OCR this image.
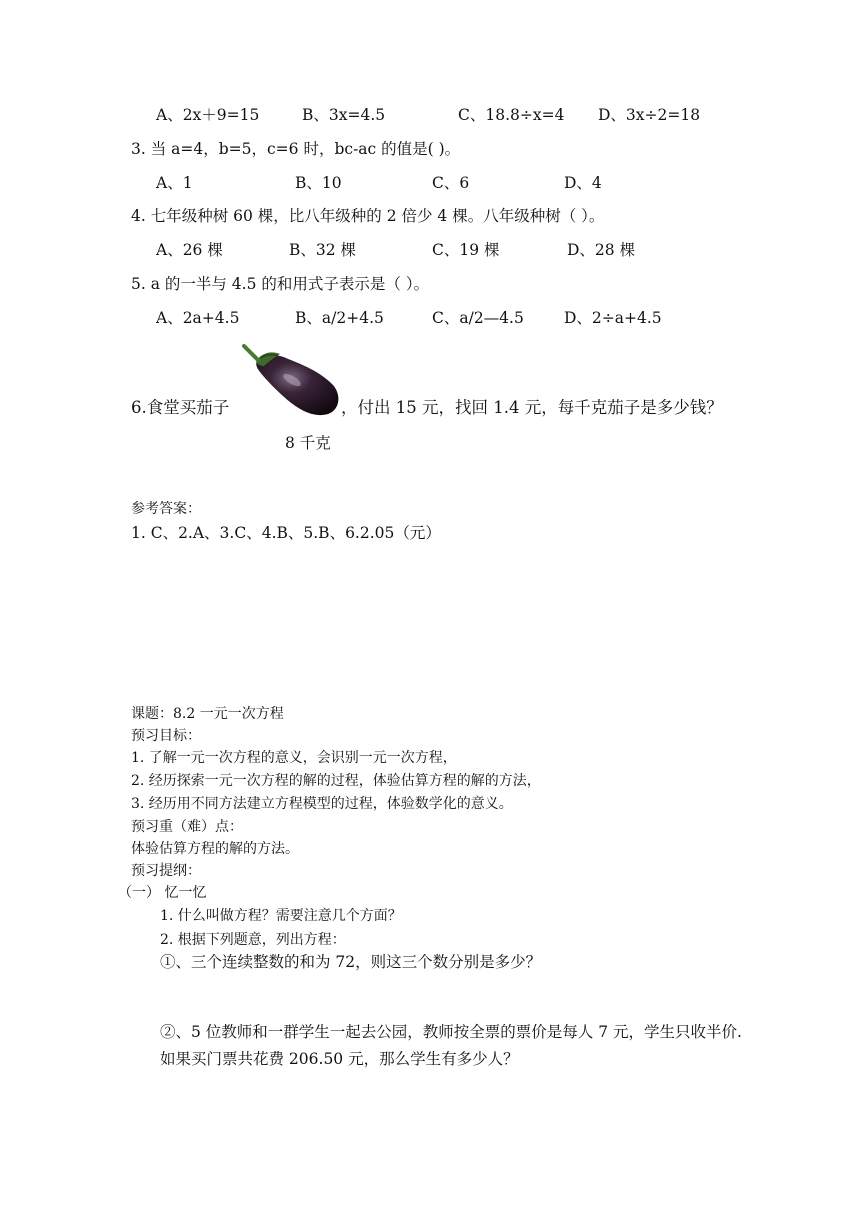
A、2x＋9=15	B、3x=4.5	C、18.8÷x=4 D、3x÷2=18
3. 当 a=4，b=5，c=6 时，bc-ac 的值是( )。
A、1	B、10	C、6	D、4
4. 七年级种树 60 棵，比八年级种的 2 倍少 4 棵。八年级种树（ ）。
A、26 棵	B、32 棵	C、19 棵	D、28 棵
5. a 的一半与 4.5 的和用式子表示是（ ）。
A、2a+4.5	B、a/2+4.5	C、a/2—4.5	D、2÷a+4.5
6.食堂买茄子	，付出 15 元，找回 1.4 元，每千克茄子是多少钱？
8 千克
参考答案：
1. C、2.A、3.C、4.B、5.B、6.2.05（元）
课题：8.2 一元一次方程
预习目标：
1. 了解一元一次方程的意义，会识别一元一次方程，
2. 经历探索一元一次方程的解的过程，体验估算方程的解的方法，
3. 经历用不同方法建立方程模型的过程，体验数学化的意义。
预习重（难）点：
体验估算方程的解的方法。
预习提纲：
（一） 忆一忆
1. 什么叫做方程？需要注意几个方面？
2. 根据下列题意，列出方程：
①、三个连续整数的和为 72，则这三个数分别是多少？
②、5 位教师和一群学生一起去公园，教师按全票的票价是每人 7 元，学生只收半价.
如果买门票共花费 206.50 元，那么学生有多少人？
